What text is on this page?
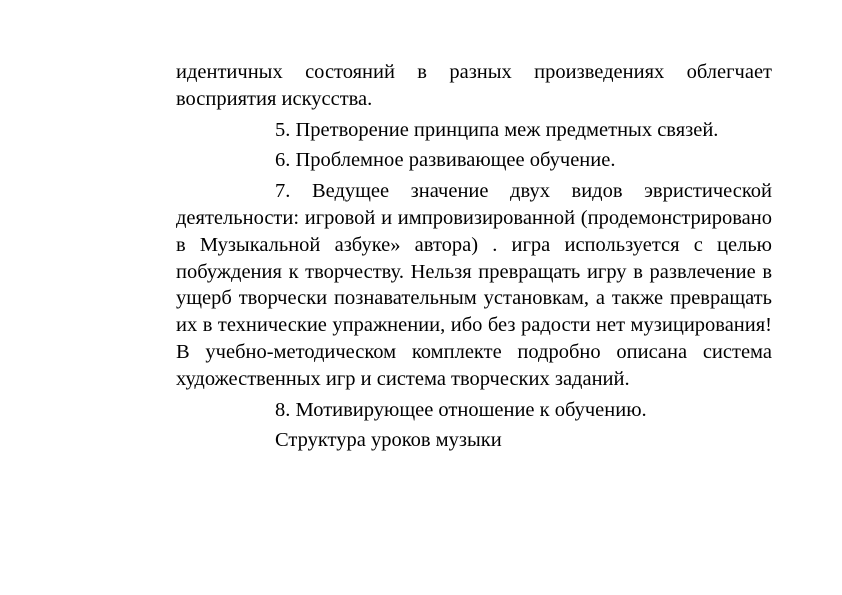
идентичных состояний в разных произведениях облегчает восприятия искусства.

5. Претворение принципа меж предметных связей.

6. Проблемное развивающее обучение.

7. Ведущее значение двух видов эвристической деятельности: игровой и импровизированной (продемонстрировано в Музыкальной азбуке» автора) . игра используется с целью побуждения к творчеству. Нельзя превращать игру в развлечение в ущерб творчески познавательным установкам, а также превращать их в технические упражнении, ибо без радости нет музицирования! В учебно-методическом комплекте подробно описана система художественных игр и система творческих заданий.

8. Мотивирующее отношение к обучению.

Структура уроков музыки
